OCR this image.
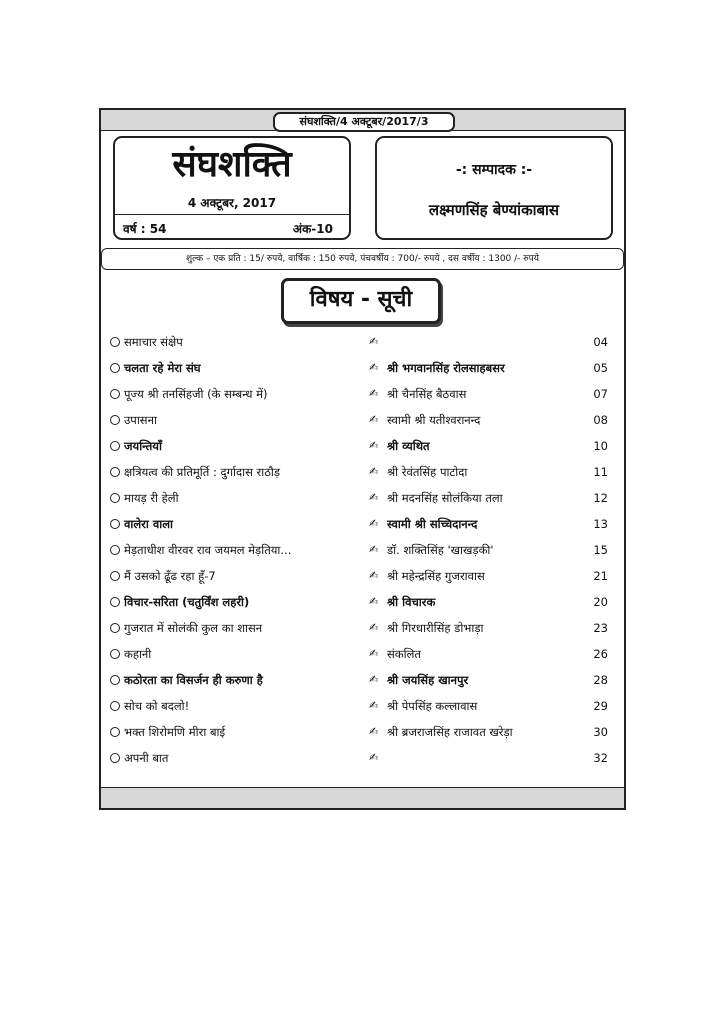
संघशक्ति/4 अक्टूबर/2017/3
संघशक्ति
4 अक्टूबर, 2017
वर्ष : 54	अंक-10
-: सम्पादक :-
लक्ष्मणसिंह बेण्यांकाबास
शुल्क – एक प्रति : 15/ रुपये, वार्षिक : 150 रुपये, पंचवर्षीय : 700/- रुपये , दस वर्षीय : 1300 /- रुपये
विषय - सूची
समाचार संक्षेप	✍	04
चलता रहे मेरा संघ	✍ श्री भगवानसिंह रोलसाहबसर	05
पूज्य श्री तनसिंहजी (के सम्बन्ध में)	✍ श्री चैनसिंह बैठवास	07
उपासना	✍ स्वामी श्री यतीश्वरानन्द	08
जयन्तियाँ	✍ श्री व्यथित	10
क्षत्रियत्व की प्रतिमूर्ति : दुर्गादास राठौड़	✍ श्री रेवंतसिंह पाटोदा	11
मायड़ री हेली	✍ श्री मदनसिंह सोलंकिया तला	12
वालेरा वाला	✍ स्वामी श्री सच्चिदानन्द	13
मेड़ताधीश वीरवर राव जयमल मेड़तिया...	✍ डॉ. शक्तिसिंह 'खाखड़की'	15
मैं उसको ढूँढ रहा हूँ-7	✍ श्री महेन्द्रसिंह गुजरावास	21
विचार-सरिता (चतुर्विंश लहरी)	✍ श्री विचारक	20
गुजरात में सोलंकी कुल का शासन	✍ श्री गिरधारीसिंह डोभाड़ा	23
कहानी	✍ संकलित	26
कठोरता का विसर्जन ही करुणा है	✍ श्री जयसिंह खानपुर	28
सोच को बदलो!	✍ श्री पेपसिंह कल्लावास	29
भक्त शिरोमणि मीरा बाई	✍ श्री ब्रजराजसिंह राजावत खरेड़ा	30
अपनी बात	✍	32
